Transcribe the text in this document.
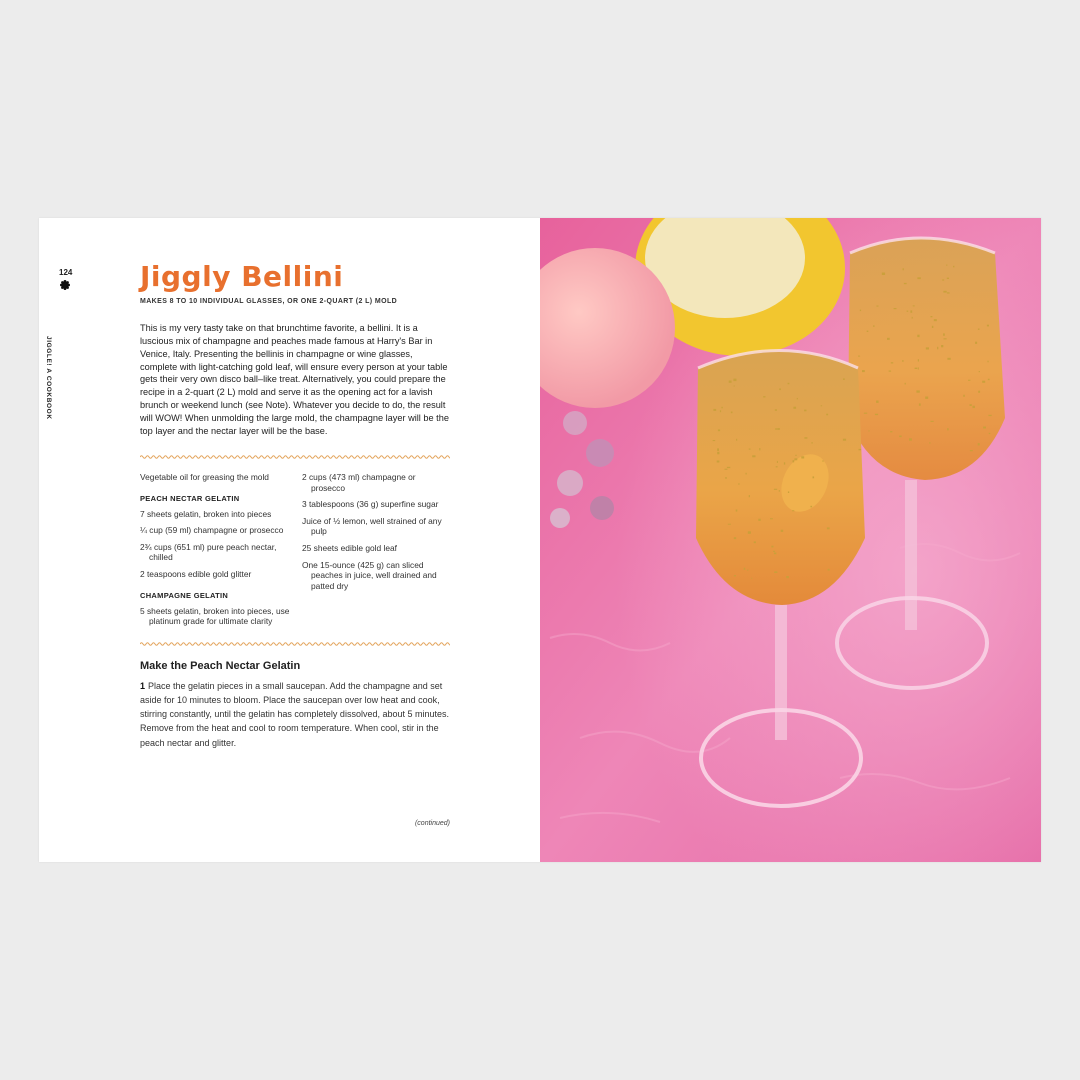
124
JIGGLE! A COOKBOOK
Jiggly Bellini
MAKES 8 TO 10 INDIVIDUAL GLASSES, OR ONE 2-QUART (2 L) MOLD

This is my very tasty take on that brunchtime favorite, a bellini. It is a luscious mix of champagne and peaches made famous at Harry's Bar in Venice, Italy. Presenting the bellinis in champagne or wine glasses, complete with light-catching gold leaf, will ensure every person at your table gets their very own disco ball–like treat. Alternatively, you could prepare the recipe in a 2-quart (2 L) mold and serve it as the opening act for a lavish brunch or weekend lunch (see Note). Whatever you decide to do, the result will WOW! When unmolding the large mold, the champagne layer will be the top layer and the nectar layer will be the base.

Vegetable oil for greasing the mold
PEACH NECTAR GELATIN
7 sheets gelatin, broken into pieces
¼ cup (59 ml) champagne or prosecco
2¾ cups (651 ml) pure peach nectar, chilled
2 teaspoons edible gold glitter
CHAMPAGNE GELATIN
5 sheets gelatin, broken into pieces, use platinum grade for ultimate clarity
2 cups (473 ml) champagne or prosecco
3 tablespoons (36 g) superfine sugar
Juice of ½ lemon, well strained of any pulp
25 sheets edible gold leaf
One 15-ounce (425 g) can sliced peaches in juice, well drained and patted dry
Make the Peach Nectar Gelatin

1 Place the gelatin pieces in a small saucepan. Add the champagne and set aside for 10 minutes to bloom. Place the saucepan over low heat and cook, stirring constantly, until the gelatin has completely dissolved, about 5 minutes. Remove from the heat and cool to room temperature. When cool, stir in the peach nectar and glitter.

(continued)
